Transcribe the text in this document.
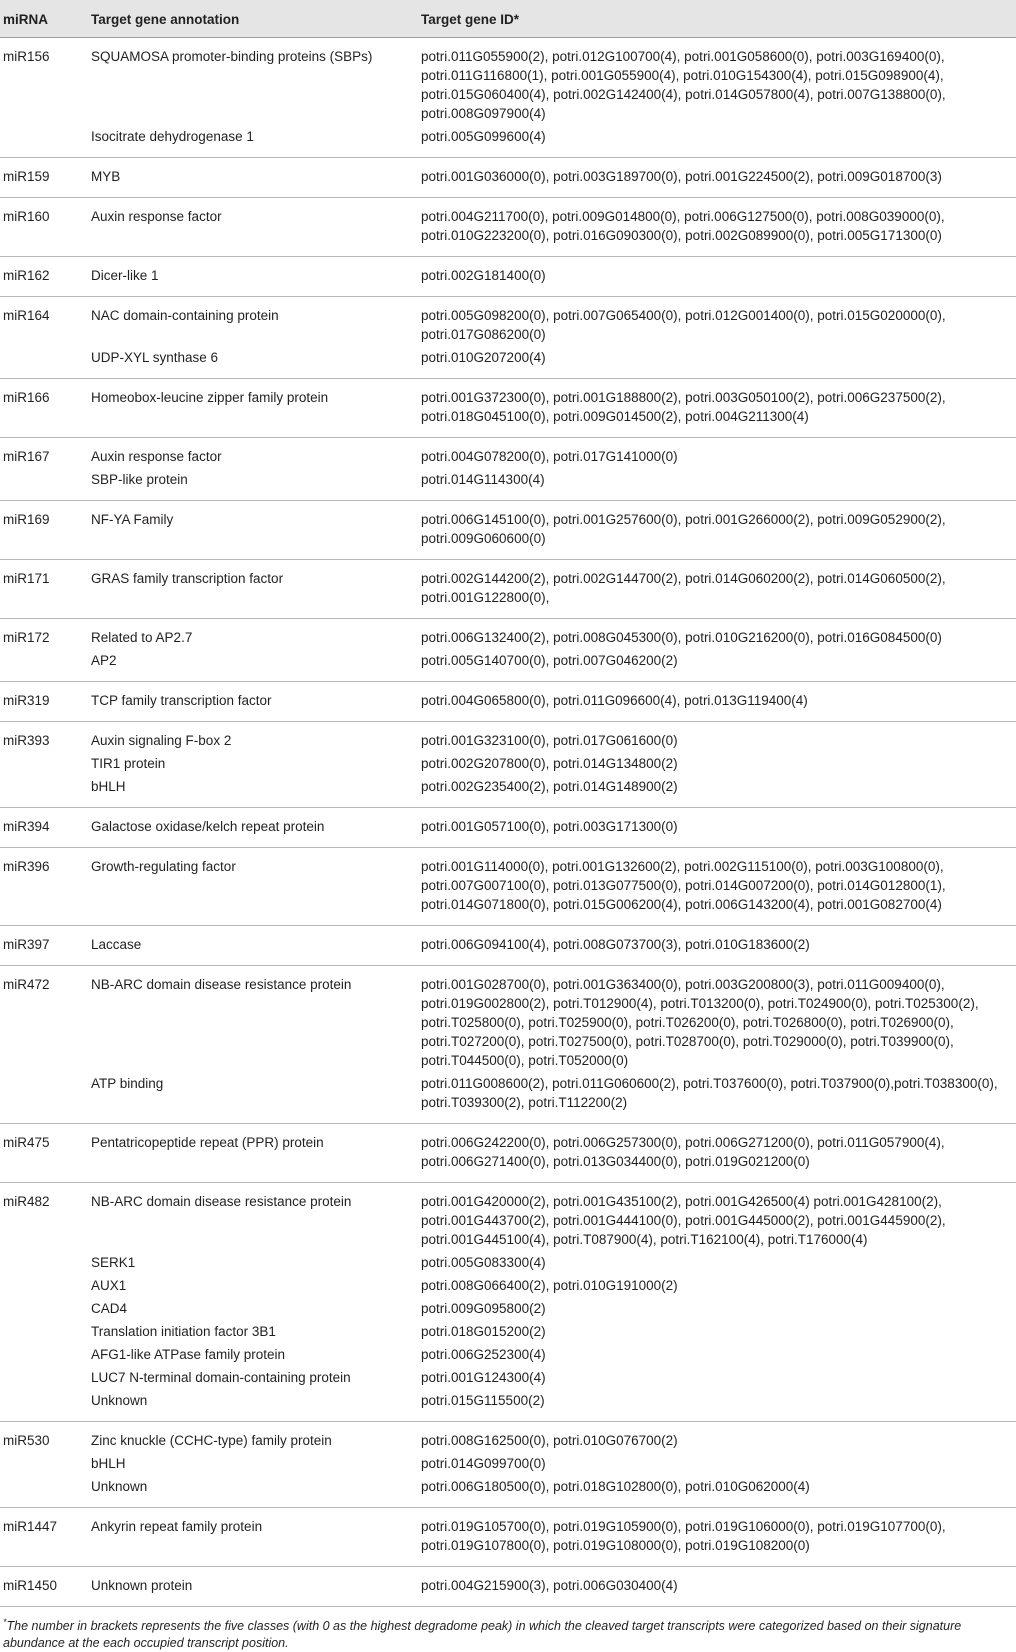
miRNA	Target gene annotation	Target gene ID*
miR156	SQUAMOSA promoter-binding proteins (SBPs)	potri.011G055900(2), potri.012G100700(4), potri.001G058600(0), potri.003G169400(0), potri.011G116800(1), potri.001G055900(4), potri.010G154300(4), potri.015G098900(4), potri.015G060400(4), potri.002G142400(4), potri.014G057800(4), potri.007G138800(0), potri.008G097900(4)
	Isocitrate dehydrogenase 1	potri.005G099600(4)
miR159	MYB	potri.001G036000(0), potri.003G189700(0), potri.001G224500(2), potri.009G018700(3)
miR160	Auxin response factor	potri.004G211700(0), potri.009G014800(0), potri.006G127500(0), potri.008G039000(0), potri.010G223200(0), potri.016G090300(0), potri.002G089900(0), potri.005G171300(0)
miR162	Dicer-like 1	potri.002G181400(0)
miR164	NAC domain-containing protein	potri.005G098200(0), potri.007G065400(0), potri.012G001400(0), potri.015G020000(0), potri.017G086200(0)
	UDP-XYL synthase 6	potri.010G207200(4)
miR166	Homeobox-leucine zipper family protein	potri.001G372300(0), potri.001G188800(2), potri.003G050100(2), potri.006G237500(2), potri.018G045100(0), potri.009G014500(2), potri.004G211300(4)
miR167	Auxin response factor	potri.004G078200(0), potri.017G141000(0)
	SBP-like protein	potri.014G114300(4)
miR169	NF-YA Family	potri.006G145100(0), potri.001G257600(0), potri.001G266000(2), potri.009G052900(2), potri.009G060600(0)
miR171	GRAS family transcription factor	potri.002G144200(2), potri.002G144700(2), potri.014G060200(2), potri.014G060500(2), potri.001G122800(0),
miR172	Related to AP2.7	potri.006G132400(2), potri.008G045300(0), potri.010G216200(0), potri.016G084500(0)
	AP2	potri.005G140700(0), potri.007G046200(2)
miR319	TCP family transcription factor	potri.004G065800(0), potri.011G096600(4), potri.013G119400(4)
miR393	Auxin signaling F-box 2	potri.001G323100(0), potri.017G061600(0)
	TIR1 protein	potri.002G207800(0), potri.014G134800(2)
	bHLH	potri.002G235400(2), potri.014G148900(2)
miR394	Galactose oxidase/kelch repeat protein	potri.001G057100(0), potri.003G171300(0)
miR396	Growth-regulating factor	potri.001G114000(0), potri.001G132600(2), potri.002G115100(0), potri.003G100800(0), potri.007G007100(0), potri.013G077500(0), potri.014G007200(0), potri.014G012800(1), potri.014G071800(0), potri.015G006200(4), potri.006G143200(4), potri.001G082700(4)
miR397	Laccase	potri.006G094100(4), potri.008G073700(3), potri.010G183600(2)
miR472	NB-ARC domain disease resistance protein	potri.001G028700(0), potri.001G363400(0), potri.003G200800(3), potri.011G009400(0), potri.019G002800(2), potri.T012900(4), potri.T013200(0), potri.T024900(0), potri.T025300(2), potri.T025800(0), potri.T025900(0), potri.T026200(0), potri.T026800(0), potri.T026900(0), potri.T027200(0), potri.T027500(0), potri.T028700(0), potri.T029000(0), potri.T039900(0), potri.T044500(0), potri.T052000(0)
	ATP binding	potri.011G008600(2), potri.011G060600(2), potri.T037600(0), potri.T037900(0),potri.T038300(0), potri.T039300(2), potri.T112200(2)
miR475	Pentatricopeptide repeat (PPR) protein	potri.006G242200(0), potri.006G257300(0), potri.006G271200(0), potri.011G057900(4), potri.006G271400(0), potri.013G034400(0), potri.019G021200(0)
miR482	NB-ARC domain disease resistance protein	potri.001G420000(2), potri.001G435100(2), potri.001G426500(4) potri.001G428100(2), potri.001G443700(2), potri.001G444100(0), potri.001G445000(2), potri.001G445900(2), potri.001G445100(4), potri.T087900(4), potri.T162100(4), potri.T176000(4)
	SERK1	potri.005G083300(4)
	AUX1	potri.008G066400(2), potri.010G191000(2)
	CAD4	potri.009G095800(2)
	Translation initiation factor 3B1	potri.018G015200(2)
	AFG1-like ATPase family protein	potri.006G252300(4)
	LUC7 N-terminal domain-containing protein	potri.001G124300(4)
	Unknown	potri.015G115500(2)
miR530	Zinc knuckle (CCHC-type) family protein	potri.008G162500(0), potri.010G076700(2)
	bHLH	potri.014G099700(0)
	Unknown	potri.006G180500(0), potri.018G102800(0), potri.010G062000(4)
miR1447	Ankyrin repeat family protein	potri.019G105700(0), potri.019G105900(0), potri.019G106000(0), potri.019G107700(0), potri.019G107800(0), potri.019G108000(0), potri.019G108200(0)
miR1450	Unknown protein	potri.004G215900(3), potri.006G030400(4)
*The number in brackets represents the five classes (with 0 as the highest degradome peak) in which the cleaved target transcripts were categorized based on their signature abundance at the each occupied transcript position.
